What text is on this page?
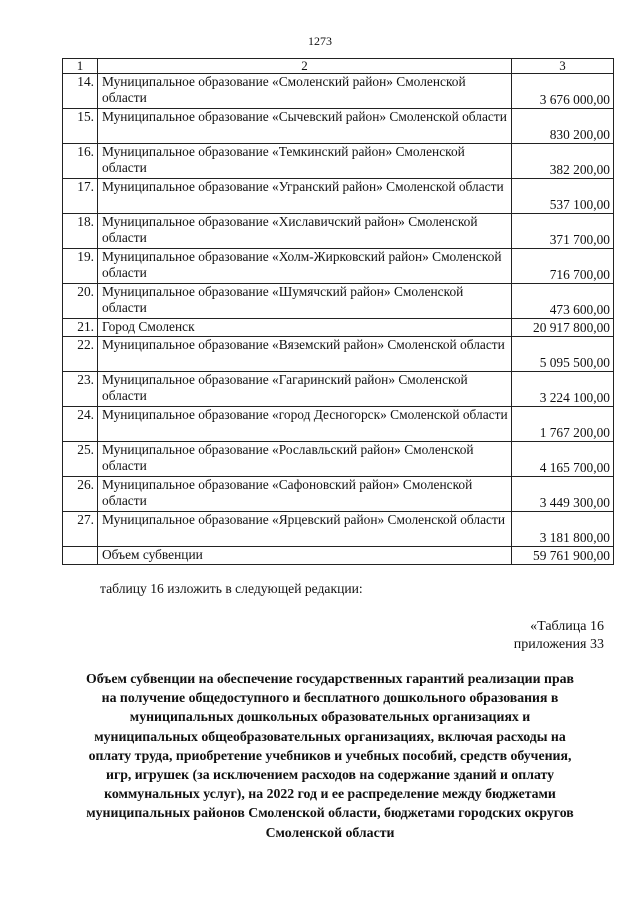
1273
1	2	3
14.	Муниципальное образование «Смоленский район» Смоленской области	3 676 000,00
15.	Муниципальное образование «Сычевский район» Смоленской области	830 200,00
16.	Муниципальное образование «Темкинский район» Смоленской области	382 200,00
17.	Муниципальное образование «Угранский район» Смоленской области	537 100,00
18.	Муниципальное образование «Хиславичский район» Смоленской области	371 700,00
19.	Муниципальное образование «Холм-Жирковский район» Смоленской области	716 700,00
20.	Муниципальное образование «Шумячский район» Смоленской области	473 600,00
21.	Город Смоленск	20 917 800,00
22.	Муниципальное образование «Вяземский район» Смоленской области	5 095 500,00
23.	Муниципальное образование «Гагаринский район» Смоленской области	3 224 100,00
24.	Муниципальное образование «город Десногорск» Смоленской области	1 767 200,00
25.	Муниципальное образование «Рославльский район» Смоленской области	4 165 700,00
26.	Муниципальное образование «Сафоновский район» Смоленской области	3 449 300,00
27.	Муниципальное образование «Ярцевский район» Смоленской области	3 181 800,00
	Объем субвенции	59 761 900,00
таблицу 16 изложить в следующей редакции:
«Таблица 16
приложения 33
Объем субвенции на обеспечение государственных гарантий реализации прав
на получение общедоступного и бесплатного дошкольного образования в
муниципальных дошкольных образовательных организациях и
муниципальных общеобразовательных организациях, включая расходы на
оплату труда, приобретение учебников и учебных пособий, средств обучения,
игр, игрушек (за исключением расходов на содержание зданий и оплату
коммунальных услуг), на 2022 год и ее распределение между бюджетами
муниципальных районов Смоленской области, бюджетами городских округов
Смоленской области
